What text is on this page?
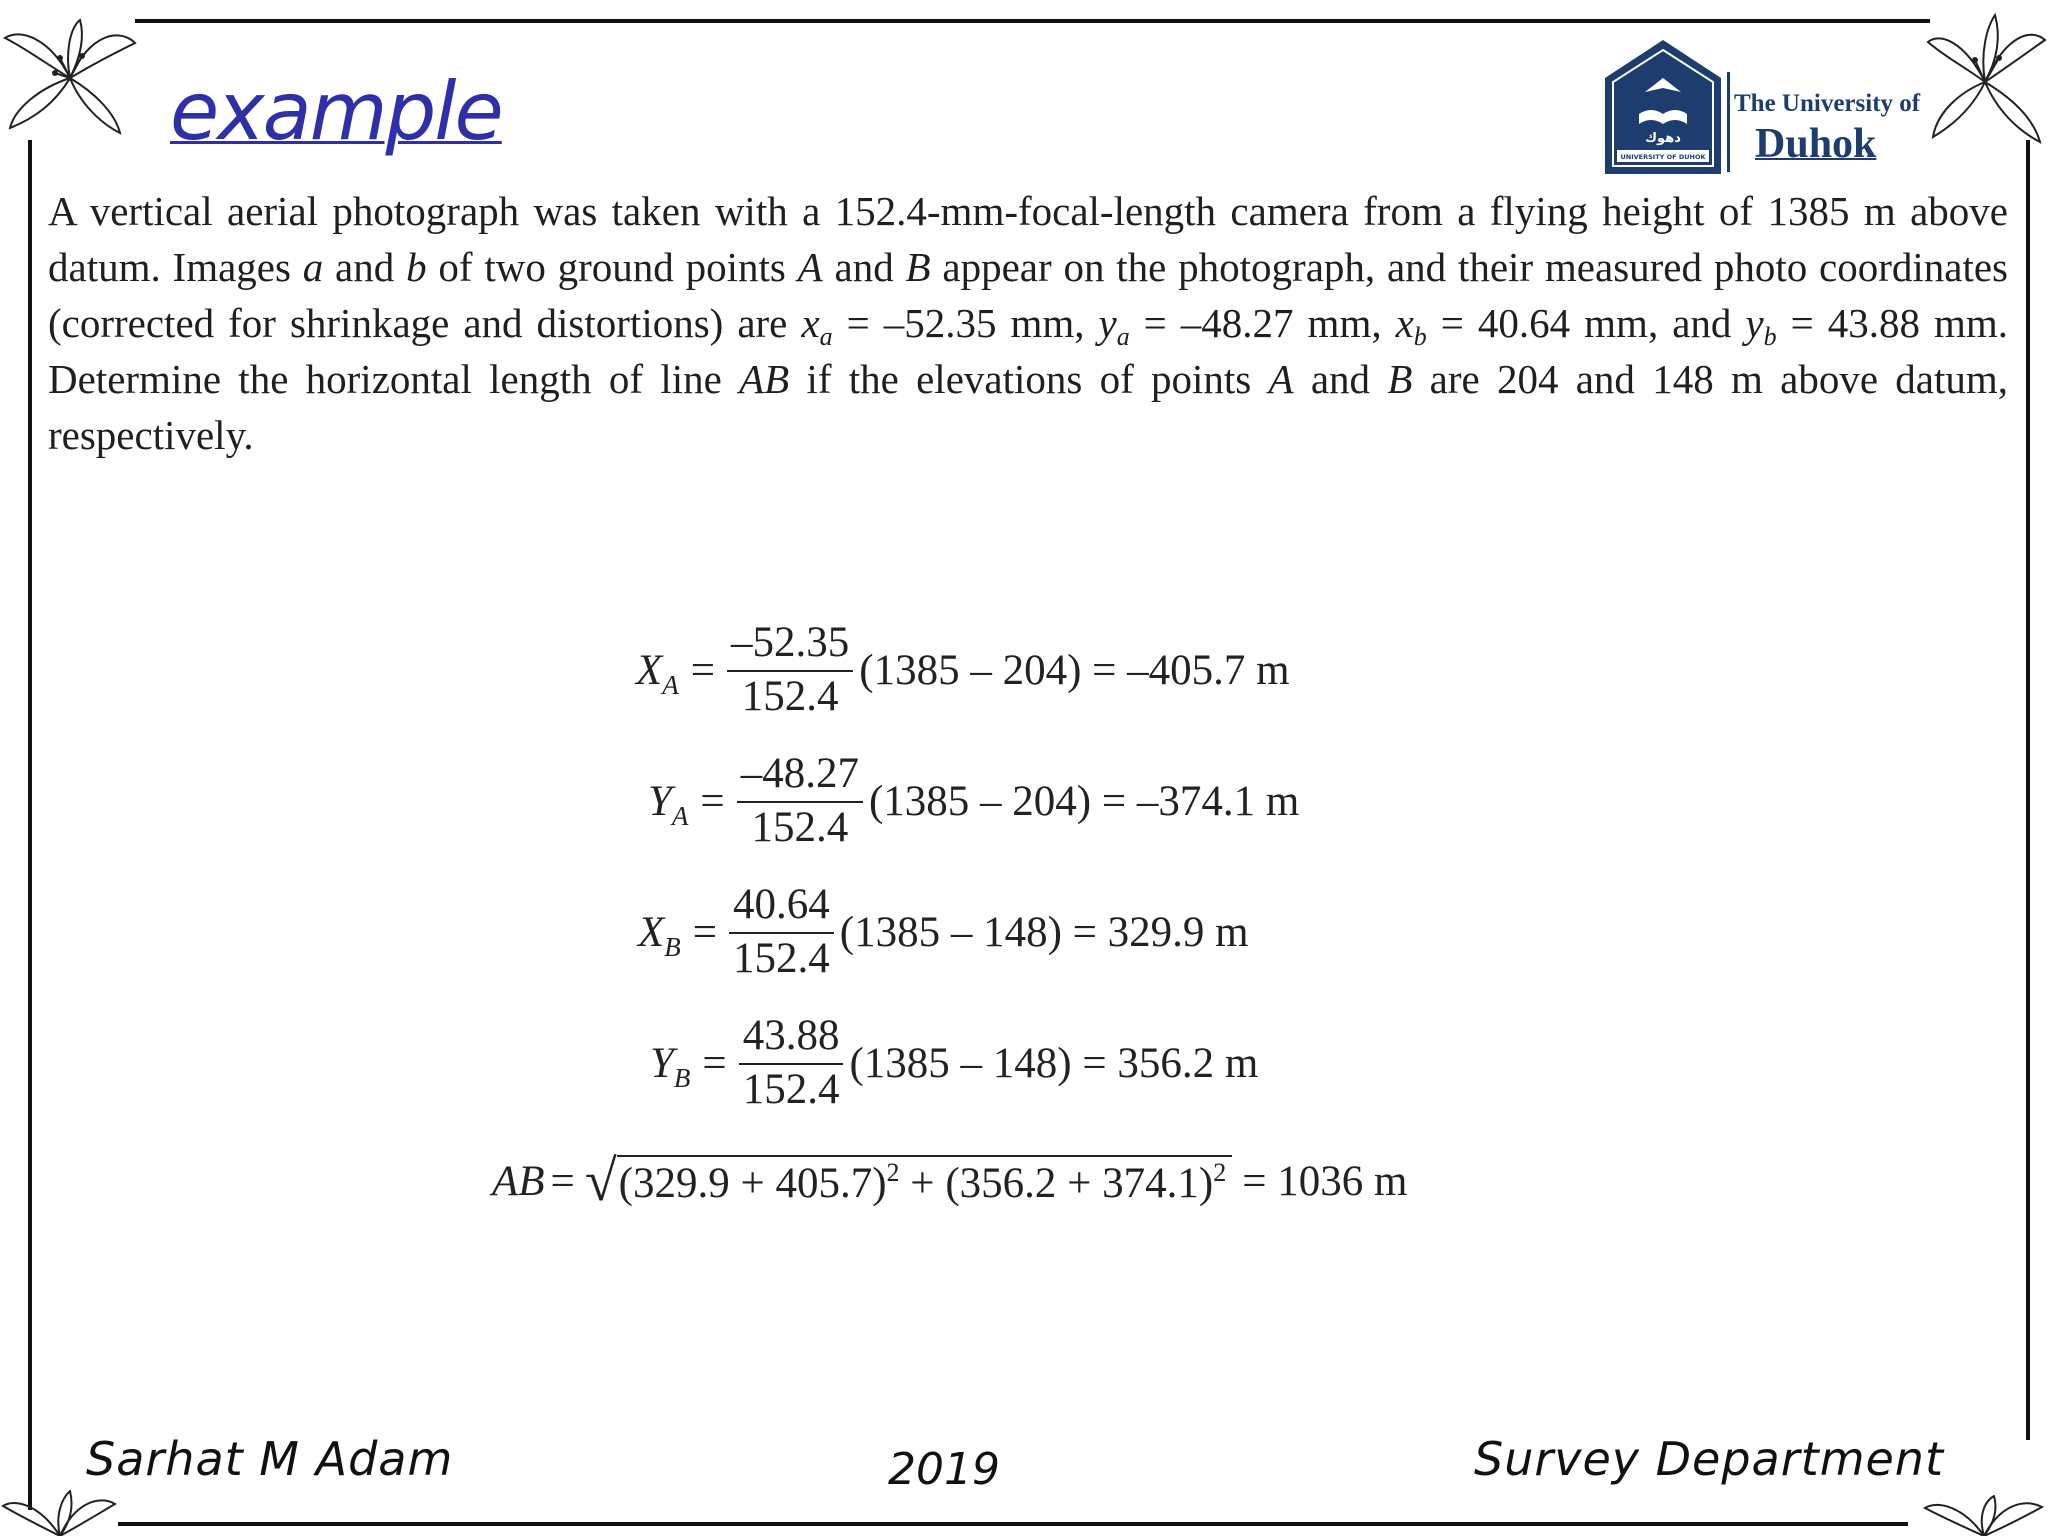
example	دهوك
UNIVERSITY OF DUHOK
The University of
Duhok

A vertical aerial photograph was taken with a 152.4-mm-focal-length camera from a flying height of 1385 m above datum. Images a and b of two ground points A and B appear on the photograph, and their measured photo coordinates (corrected for shrinkage and distortions) are $x_a = -52.35$ mm, $y_a = -48.27$ mm, $x_b = 40.64$ mm, and $y_b = 43.88$ mm. Determine the horizontal length of line AB if the elevations of points A and B are 204 and 148 m above datum, respectively.

$X_A = \frac{-52.35}{152.4} (1385 - 204) = -405.7$ m
$Y_A = \frac{-48.27}{152.4} (1385 - 204) = -374.1$ m
$X_B = \frac{40.64}{152.4} (1385 - 148) = 329.9$ m
$Y_B = \frac{43.88}{152.4} (1385 - 148) = 356.2$ m
AB = √ $(329.9 + 405.7)^2 + (356.2 + 374.1)^2 = 1036$ m
Sarhat M Adam	2019	Survey Department
